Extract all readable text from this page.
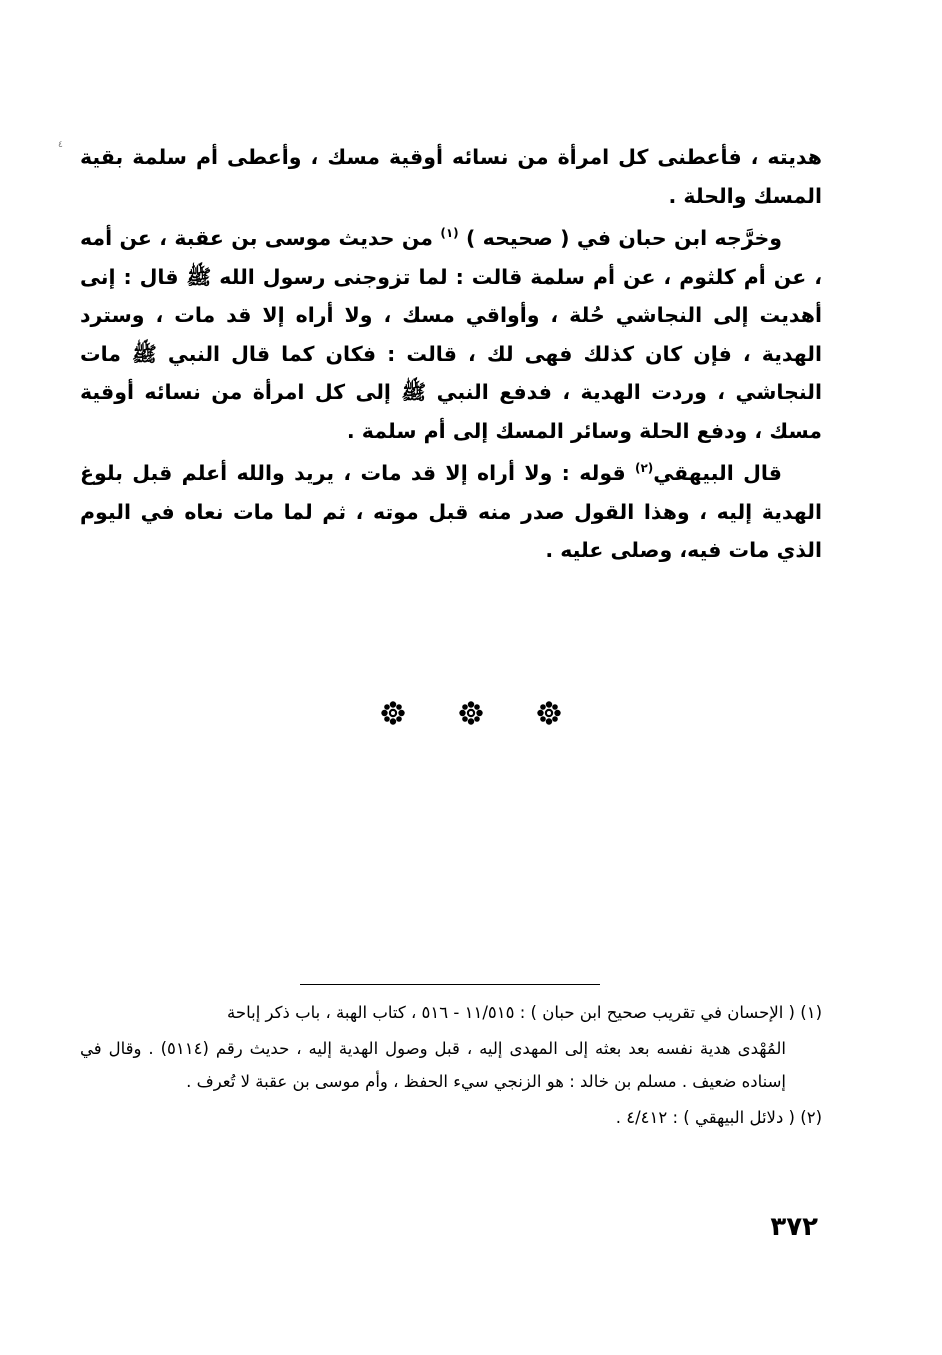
٤ هديته ، فأعطنى كل امرأة من نسائه أوقية مسك ، وأعطى أم سلمة بقية المسك والحلة .

وخرَّجه ابن حبان في ( صحيحه ) $^{(١)}$ من حديث موسى بن عقبة ، عن أمه ، عن أم كلثوم ، عن أم سلمة قالت : لما تزوجنى رسول الله ﷺ قال : إنى أهديت إلى النجاشي حُلة ، وأواقي مسك ، ولا أراه إلا قد مات ، وسترد الهدية ، فإن كان كذلك فهى لك ، قالت : فكان كما قال النبي ﷺ مات النجاشي ، وردت الهدية ، فدفع النبي ﷺ إلى كل امرأة من نسائه أوقية مسك ، ودفع الحلة وسائر المسك إلى أم سلمة .

قال البيهقي$^{(٢)}$ قوله : ولا أراه إلا قد مات ، يريد والله أعلم قبل بلوغ الهدية إليه ، وهذا القول صدر منه قبل موته ، ثم لما مات نعاه في اليوم الذي مات فيه، وصلى عليه .

(١) ( الإحسان في تقريب صحيح ابن حبان ) : ١١/٥١٥ - ٥١٦ ، كتاب الهبة ، باب ذكر إباحة

المُهْدى هدية نفسه بعد بعثه إلى المهدى إليه ، قبل وصول الهدية إليه ، حديث رقم (٥١١٤) . وقال في إسناده ضعيف . مسلم بن خالد : هو الزنجي سيء الحفظ ، وأم موسى بن عقبة لا تُعرف .

(٢) ( دلائل البيهقي ) : ٤/٤١٢ .

٣٧٢
